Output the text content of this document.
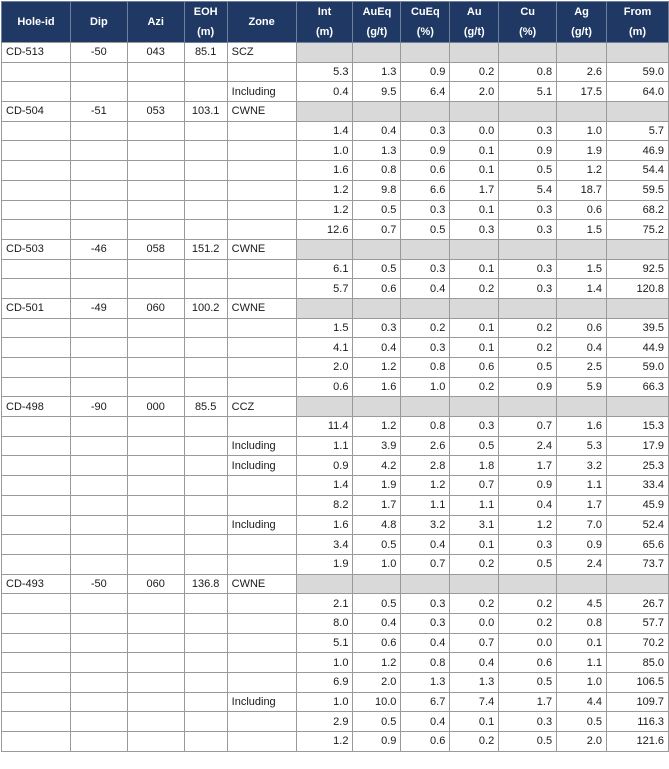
Hole-id	Dip	Azi	EOH	Zone	Int	AuEq	CuEq	Au	Cu	Ag	From
			(m)		(m)	(g/t)	(%)	(g/t)	(%)	(g/t)	(m)
CD-513	-50	043	85.1	SCZ							
					5.3	1.3	0.9	0.2	0.8	2.6	59.0
				Including	0.4	9.5	6.4	2.0	5.1	17.5	64.0
CD-504	-51	053	103.1	CWNE							
					1.4	0.4	0.3	0.0	0.3	1.0	5.7
					1.0	1.3	0.9	0.1	0.9	1.9	46.9
					1.6	0.8	0.6	0.1	0.5	1.2	54.4
					1.2	9.8	6.6	1.7	5.4	18.7	59.5
					1.2	0.5	0.3	0.1	0.3	0.6	68.2
					12.6	0.7	0.5	0.3	0.3	1.5	75.2
CD-503	-46	058	151.2	CWNE							
					6.1	0.5	0.3	0.1	0.3	1.5	92.5
					5.7	0.6	0.4	0.2	0.3	1.4	120.8
CD-501	-49	060	100.2	CWNE							
					1.5	0.3	0.2	0.1	0.2	0.6	39.5
					4.1	0.4	0.3	0.1	0.2	0.4	44.9
					2.0	1.2	0.8	0.6	0.5	2.5	59.0
					0.6	1.6	1.0	0.2	0.9	5.9	66.3
CD-498	-90	000	85.5	CCZ							
					11.4	1.2	0.8	0.3	0.7	1.6	15.3
				Including	1.1	3.9	2.6	0.5	2.4	5.3	17.9
				Including	0.9	4.2	2.8	1.8	1.7	3.2	25.3
					1.4	1.9	1.2	0.7	0.9	1.1	33.4
					8.2	1.7	1.1	1.1	0.4	1.7	45.9
				Including	1.6	4.8	3.2	3.1	1.2	7.0	52.4
					3.4	0.5	0.4	0.1	0.3	0.9	65.6
					1.9	1.0	0.7	0.2	0.5	2.4	73.7
CD-493	-50	060	136.8	CWNE							
					2.1	0.5	0.3	0.2	0.2	4.5	26.7
					8.0	0.4	0.3	0.0	0.2	0.8	57.7
					5.1	0.6	0.4	0.7	0.0	0.1	70.2
					1.0	1.2	0.8	0.4	0.6	1.1	85.0
					6.9	2.0	1.3	1.3	0.5	1.0	106.5
				Including	1.0	10.0	6.7	7.4	1.7	4.4	109.7
					2.9	0.5	0.4	0.1	0.3	0.5	116.3
					1.2	0.9	0.6	0.2	0.5	2.0	121.6
